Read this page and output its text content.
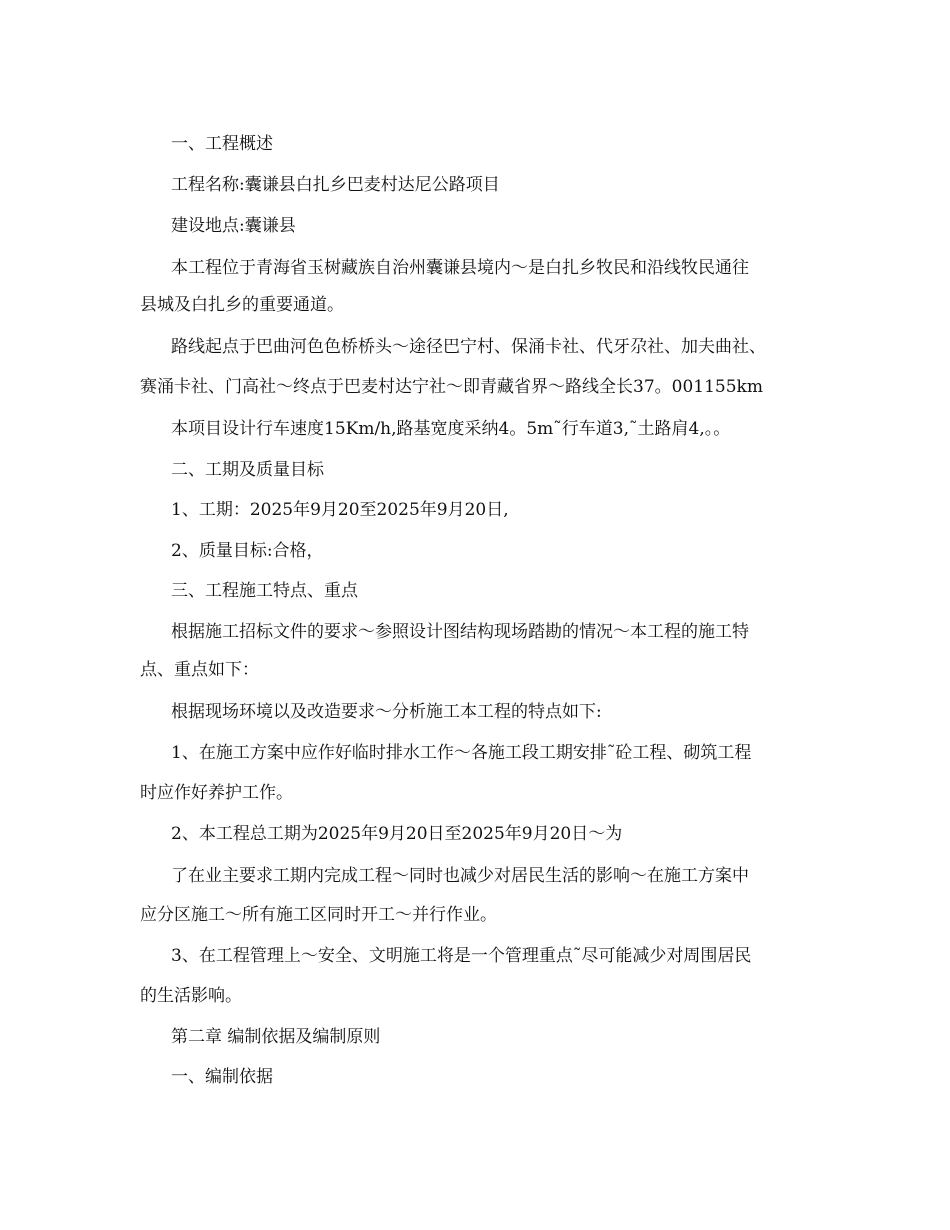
一、工程概述
工程名称:囊谦县白扎乡巴麦村达尼公路项目
建设地点:囊谦县
本工程位于青海省玉树藏族自治州囊谦县境内～是白扎乡牧民和沿线牧民通往
县城及白扎乡的重要通道。
路线起点于巴曲河色色桥桥头～途径巴宁村、保涌卡社、代牙尕社、加夫曲社、
赛涌卡社、门高社～终点于巴麦村达宁社～即青藏省界～路线全长37。001155km
本项目设计行车速度15Km/h,路基宽度采纳4。5m˜行车道3,˜土路肩4,。。
二、工期及质量目标
1、工期：2025年9月20至2025年9月20日,
2、质量目标:合格，
三、工程施工特点、重点
根据施工招标文件的要求～参照设计图结构现场踏勘的情况～本工程的施工特
点、重点如下：
根据现场环境以及改造要求～分析施工本工程的特点如下:
1、在施工方案中应作好临时排水工作～各施工段工期安排˜砼工程、砌筑工程
时应作好养护工作。
2、本工程总工期为2025年9月20日至2025年9月20日～为
了在业主要求工期内完成工程～同时也减少对居民生活的影响～在施工方案中
应分区施工～所有施工区同时开工～并行作业。
3、在工程管理上～安全、文明施工将是一个管理重点˜尽可能减少对周围居民
的生活影响。
第二章 编制依据及编制原则
一、编制依据
